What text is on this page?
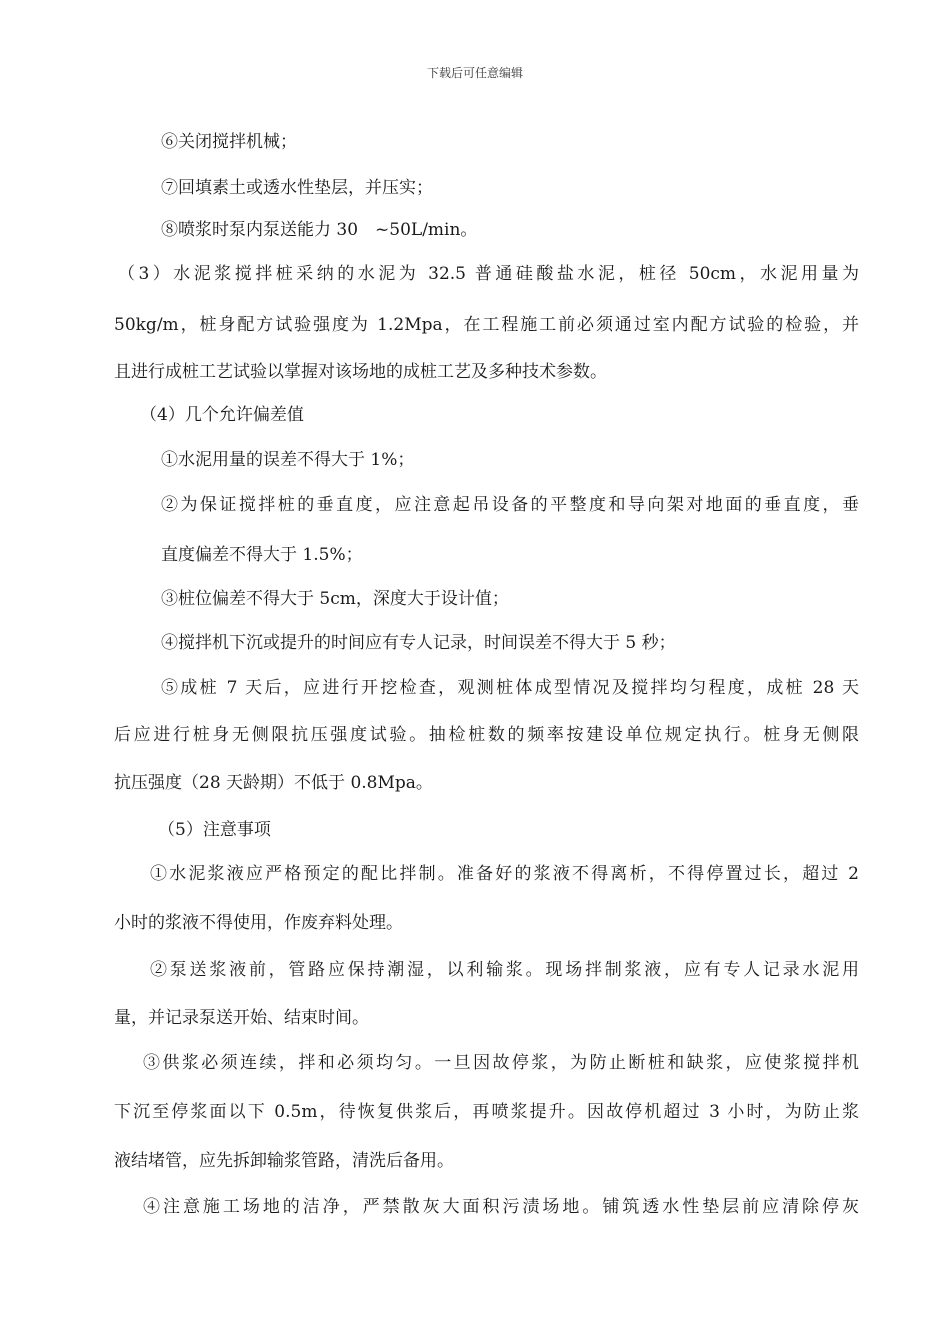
下载后可任意编辑
⑥关闭搅拌机械；
⑦回填素土或透水性垫层，并压实；
⑧喷浆时泵内泵送能力 30　~50L/min。
（3）水泥浆搅拌桩采纳的水泥为 32.5 普通硅酸盐水泥，桩径 50cm，水泥用量为
50kg/m，桩身配方试验强度为 1.2Mpa，在工程施工前必须通过室内配方试验的检验，并
且进行成桩工艺试验以掌握对该场地的成桩工艺及多种技术参数。
（4）几个允许偏差值
①水泥用量的误差不得大于 1%；
②为保证搅拌桩的垂直度，应注意起吊设备的平整度和导向架对地面的垂直度，垂
直度偏差不得大于 1.5%；
③桩位偏差不得大于 5cm，深度大于设计值；
④搅拌机下沉或提升的时间应有专人记录，时间误差不得大于 5 秒；
⑤成桩 7 天后，应进行开挖检查，观测桩体成型情况及搅拌均匀程度，成桩 28 天
后应进行桩身无侧限抗压强度试验。抽检桩数的频率按建设单位规定执行。桩身无侧限
抗压强度（28 天龄期）不低于 0.8Mpa。
（5）注意事项
①水泥浆液应严格预定的配比拌制。准备好的浆液不得离析，不得停置过长，超过 2
小时的浆液不得使用，作废弃料处理。
②泵送浆液前，管路应保持潮湿，以利输浆。现场拌制浆液，应有专人记录水泥用
量，并记录泵送开始、结束时间。
③供浆必须连续，拌和必须均匀。一旦因故停浆，为防止断桩和缺浆，应使浆搅拌机
下沉至停浆面以下 0.5m，待恢复供浆后，再喷浆提升。因故停机超过 3 小时，为防止浆
液结堵管，应先拆卸输浆管路，清洗后备用。
④注意施工场地的洁净，严禁散灰大面积污渍场地。铺筑透水性垫层前应清除停灰
